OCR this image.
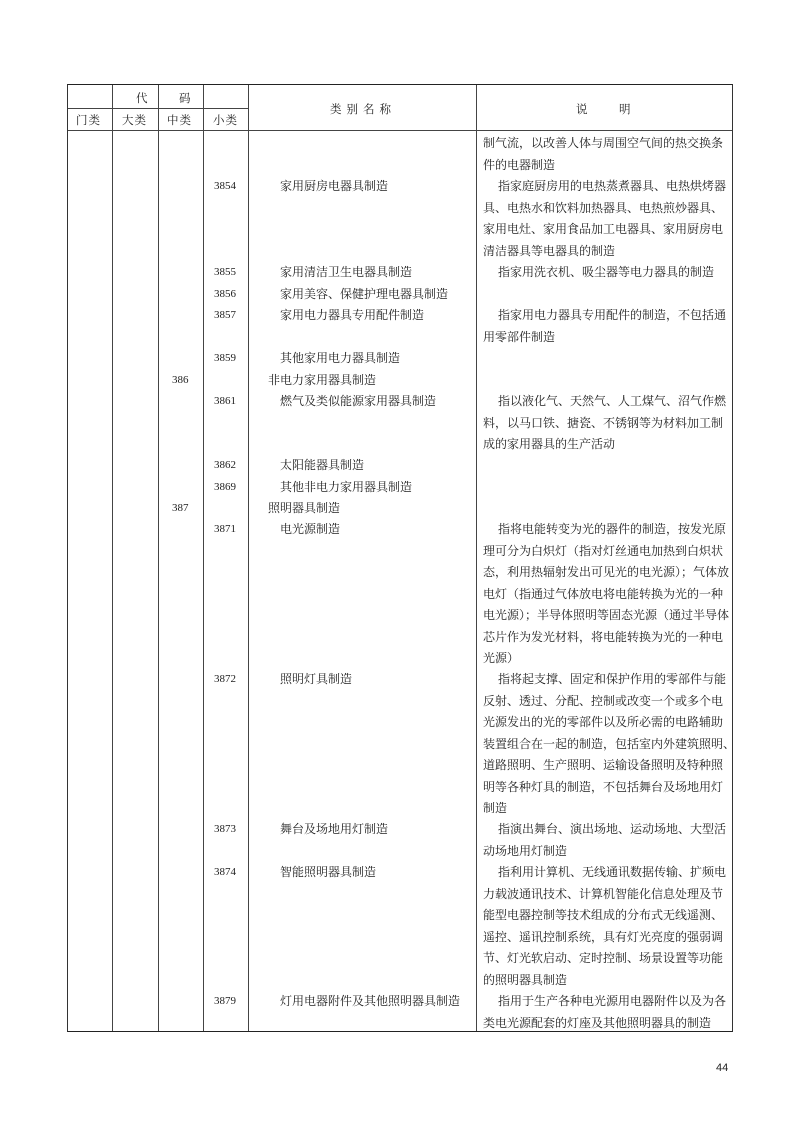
代　码
门类 大类 中类 小类
类别名称	说　明
3854
3855
3856
3857
3859
386
3861
3862
3869
387
3871
3872
3873
3874
3879
家用厨房电器具制造
家用清洁卫生电器具制造
家用美容、保健护理电器具制造
家用电力器具专用配件制造
其他家用电力器具制造
非电力家用器具制造
燃气及类似能源家用器具制造
太阳能器具制造
其他非电力家用器具制造
照明器具制造
电光源制造
照明灯具制造
舞台及场地用灯制造
智能照明器具制造
灯用电器附件及其他照明器具制造
制气流，以改善人体与周围空气间的热交换条
件的电器制造
指家庭厨房用的电热蒸煮器具、电热烘烤器
具、电热水和饮料加热器具、电热煎炒器具、
家用电灶、家用食品加工电器具、家用厨房电
清洁器具等电器具的制造
指家用洗衣机、吸尘器等电力器具的制造
指家用电力器具专用配件的制造，不包括通
用零部件制造
指以液化气、天然气、人工煤气、沼气作燃
料，以马口铁、搪瓷、不锈钢等为材料加工制
成的家用器具的生产活动
指将电能转变为光的器件的制造，按发光原
理可分为白炽灯（指对灯丝通电加热到白炽状
态，利用热辐射发出可见光的电光源）；气体放
电灯（指通过气体放电将电能转换为光的一种
电光源）；半导体照明等固态光源（通过半导体
芯片作为发光材料，将电能转换为光的一种电
光源）
指将起支撑、固定和保护作用的零部件与能
反射、透过、分配、控制或改变一个或多个电
光源发出的光的零部件以及所必需的电路辅助
装置组合在一起的制造，包括室内外建筑照明、
道路照明、生产照明、运输设备照明及特种照
明等各种灯具的制造，不包括舞台及场地用灯
制造
指演出舞台、演出场地、运动场地、大型活
动场地用灯制造
指利用计算机、无线通讯数据传输、扩频电
力载波通讯技术、计算机智能化信息处理及节
能型电器控制等技术组成的分布式无线遥测、
遥控、遥讯控制系统，具有灯光亮度的强弱调
节、灯光软启动、定时控制、场景设置等功能
的照明器具制造
指用于生产各种电光源用电器附件以及为各
类电光源配套的灯座及其他照明器具的制造
44
